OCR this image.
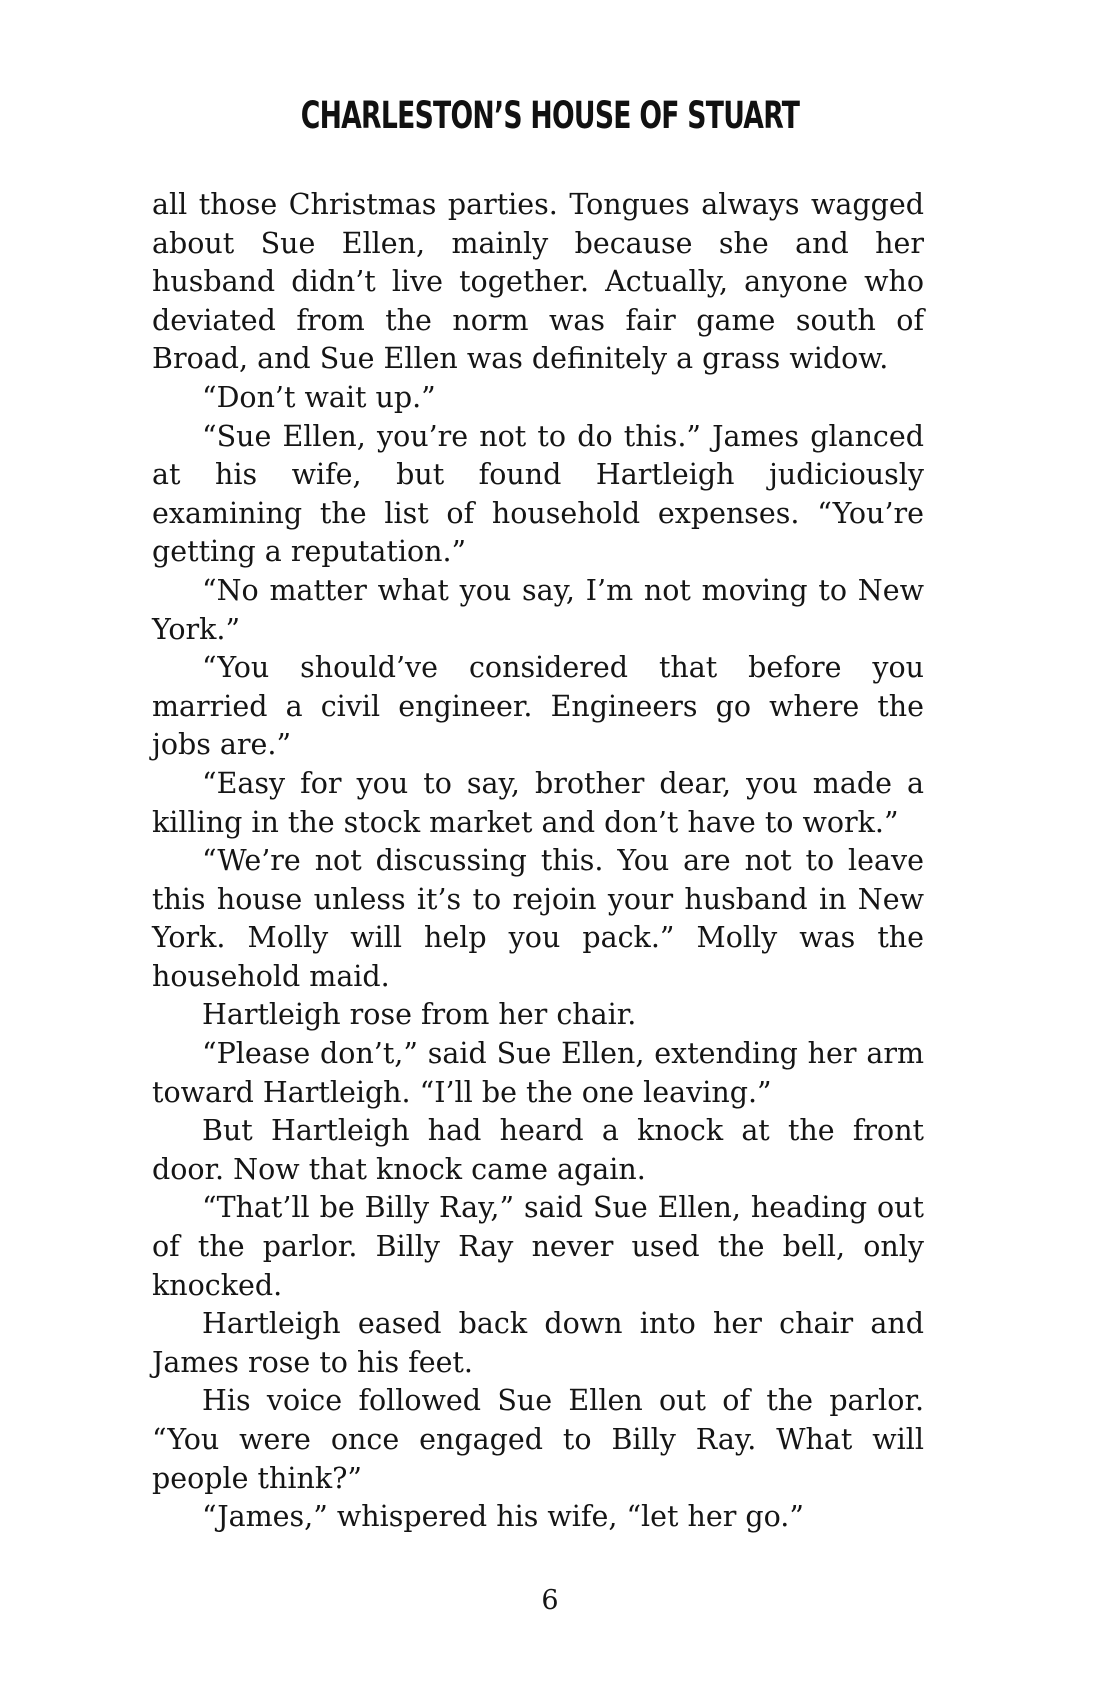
CHARLESTON’S HOUSE OF STUART

all those Christmas parties. Tongues always wagged about Sue Ellen, mainly because she and her husband didn’t live together. Actually, anyone who deviated from the norm was fair game south of Broad, and Sue Ellen was definitely a grass widow.

“Don’t wait up.”

“Sue Ellen, you’re not to do this.” James glanced at his wife, but found Hartleigh judiciously examining the list of household expenses. “You’re getting a reputation.”

“No matter what you say, I’m not moving to New York.”

“You should’ve considered that before you married a civil engineer. Engineers go where the jobs are.”

“Easy for you to say, brother dear, you made a killing in the stock market and don’t have to work.”

“We’re not discussing this. You are not to leave this house unless it’s to rejoin your husband in New York. Molly will help you pack.” Molly was the household maid.

Hartleigh rose from her chair.

“Please don’t,” said Sue Ellen, extending her arm toward Hartleigh. “I’ll be the one leaving.”

But Hartleigh had heard a knock at the front door. Now that knock came again.

“That’ll be Billy Ray,” said Sue Ellen, heading out of the parlor. Billy Ray never used the bell, only knocked.

Hartleigh eased back down into her chair and James rose to his feet.

His voice followed Sue Ellen out of the parlor. “You were once engaged to Billy Ray. What will people think?”

“James,” whispered his wife, “let her go.”

6
